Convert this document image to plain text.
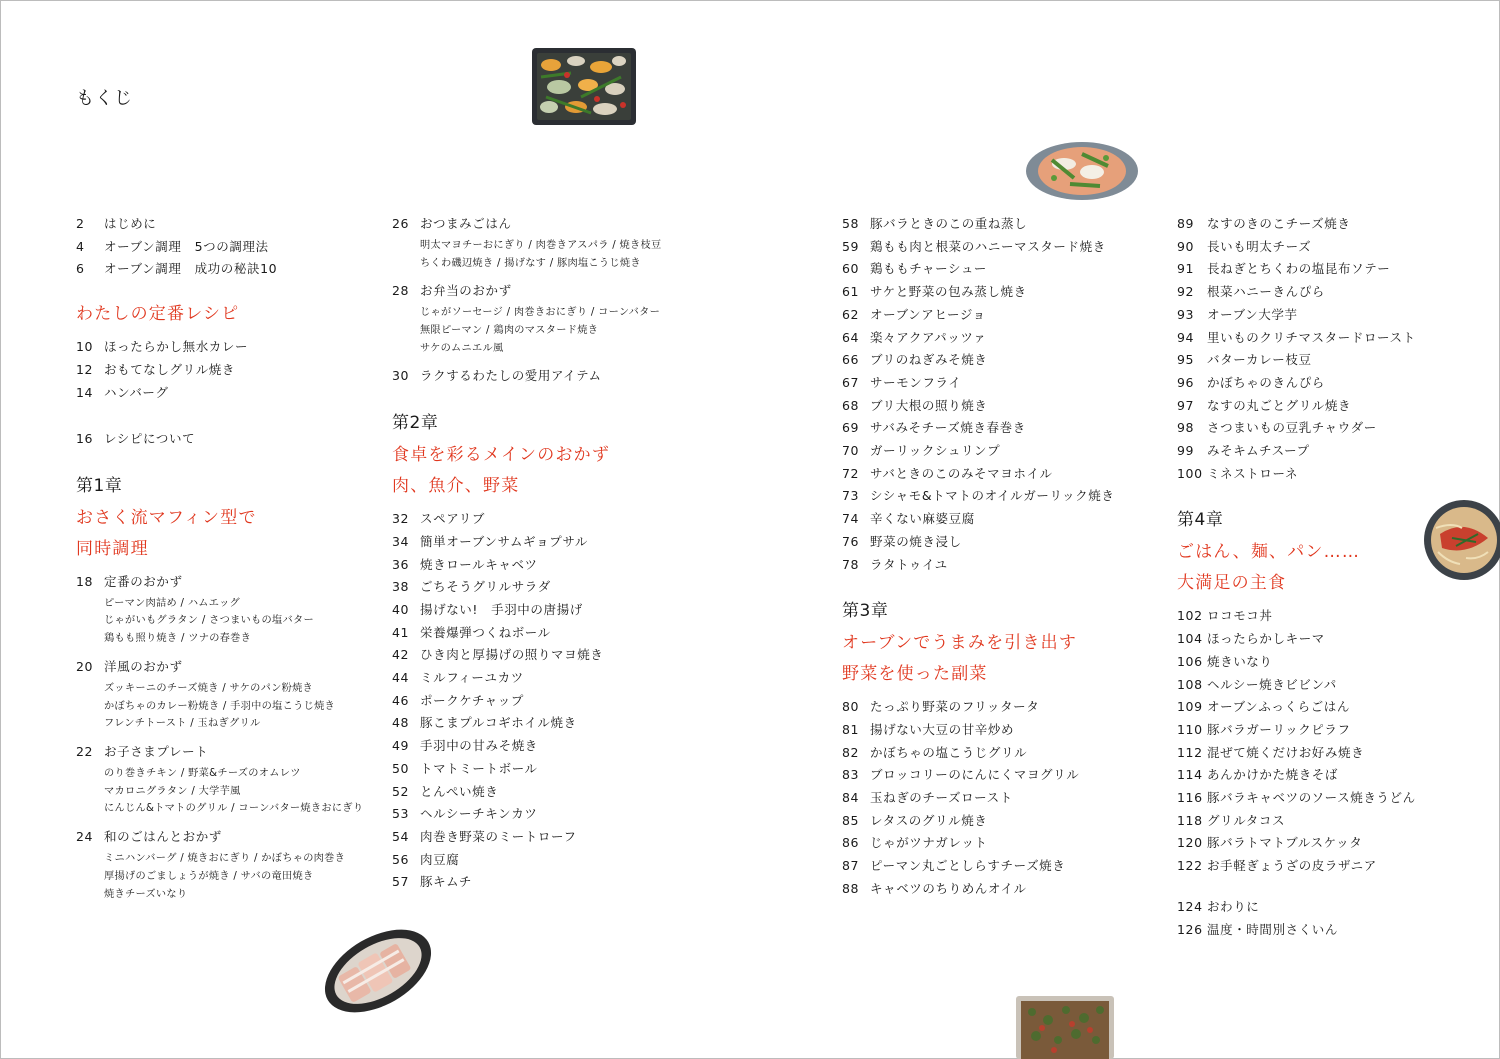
もくじ
2	はじめに
4	オーブン調理　5つの調理法
6	オーブン調理　成功の秘訣10
わたしの定番レシピ
10 ほったらかし無水カレー
12 おもてなしグリル焼き
14 ハンバーグ
16 レシピについて
第1章
おさく流マフィン型で
同時調理
18 定番のおかず
ピーマン肉詰め / ハムエッグ
じゃがいもグラタン / さつまいもの塩バター
鶏もも照り焼き / ツナの春巻き
20 洋風のおかず
ズッキーニのチーズ焼き / サケのパン粉焼き
かぼちゃのカレー粉焼き / 手羽中の塩こうじ焼き
フレンチトースト / 玉ねぎグリル
22 お子さまプレート
のり巻きチキン / 野菜&チーズのオムレツ
マカロニグラタン / 大学芋風
にんじん&トマトのグリル / コーンバター焼きおにぎり
24 和のごはんとおかず
ミニハンバーグ / 焼きおにぎり / かぼちゃの肉巻き
厚揚げのごましょうが焼き / サバの竜田焼き
焼きチーズいなり
26 おつまみごはん
明太マヨチーおにぎり / 肉巻きアスパラ / 焼き枝豆
ちくわ磯辺焼き / 揚げなす / 豚肉塩こうじ焼き
28 お弁当のおかず
じゃがソーセージ / 肉巻きおにぎり / コーンバター
無限ピーマン / 鶏肉のマスタード焼き
サケのムニエル風
30 ラクするわたしの愛用アイテム
第2章
食卓を彩るメインのおかず
肉、魚介、野菜
32 スペアリブ
34 簡単オーブンサムギョプサル
36 焼きロールキャベツ
38 ごちそうグリルサラダ
40 揚げない!　手羽中の唐揚げ
41 栄養爆弾つくねボール
42 ひき肉と厚揚げの照りマヨ焼き
44 ミルフィーユカツ
46 ポークケチャップ
48 豚こまプルコギホイル焼き
49 手羽中の甘みそ焼き
50 トマトミートボール
52 とんぺい焼き
53 ヘルシーチキンカツ
54 肉巻き野菜のミートローフ
56 肉豆腐
57 豚キムチ
58 豚バラときのこの重ね蒸し
59 鶏もも肉と根菜のハニーマスタード焼き
60 鶏ももチャーシュー
61 サケと野菜の包み蒸し焼き
62 オーブンアヒージョ
64 楽々アクアパッツァ
66 ブリのねぎみそ焼き
67 サーモンフライ
68 ブリ大根の照り焼き
69 サバみそチーズ焼き春巻き
70 ガーリックシュリンプ
72 サバときのこのみそマヨホイル
73 シシャモ&トマトのオイルガーリック焼き
74 辛くない麻婆豆腐
76 野菜の焼き浸し
78 ラタトゥイユ
第3章
オーブンでうまみを引き出す
野菜を使った副菜
80 たっぷり野菜のフリッタータ
81 揚げない大豆の甘辛炒め
82 かぼちゃの塩こうじグリル
83 ブロッコリーのにんにくマヨグリル
84 玉ねぎのチーズロースト
85 レタスのグリル焼き
86 じゃがツナガレット
87 ピーマン丸ごとしらすチーズ焼き
88 キャベツのちりめんオイル
89	なすのきのこチーズ焼き
90	長いも明太チーズ
91	長ねぎとちくわの塩昆布ソテー
92	根菜ハニーきんぴら
93	オーブン大学芋
94	里いものクリチマスタードロースト
95	バターカレー枝豆
96	かぼちゃのきんぴら
97	なすの丸ごとグリル焼き
98	さつまいもの豆乳チャウダー
99	みそキムチスープ
100 ミネストローネ
第4章
ごはん、麺、パン……
大満足の主食
102 ロコモコ丼
104 ほったらかしキーマ
106 焼きいなり
108 ヘルシー焼きビビンパ
109 オーブンふっくらごはん
110 豚バラガーリックピラフ
112 混ぜて焼くだけお好み焼き
114 あんかけかた焼きそば
116 豚バラキャベツのソース焼きうどん
118 グリルタコス
120 豚バラトマトブルスケッタ
122 お手軽ぎょうざの皮ラザニア
124 おわりに
126 温度・時間別さくいん
